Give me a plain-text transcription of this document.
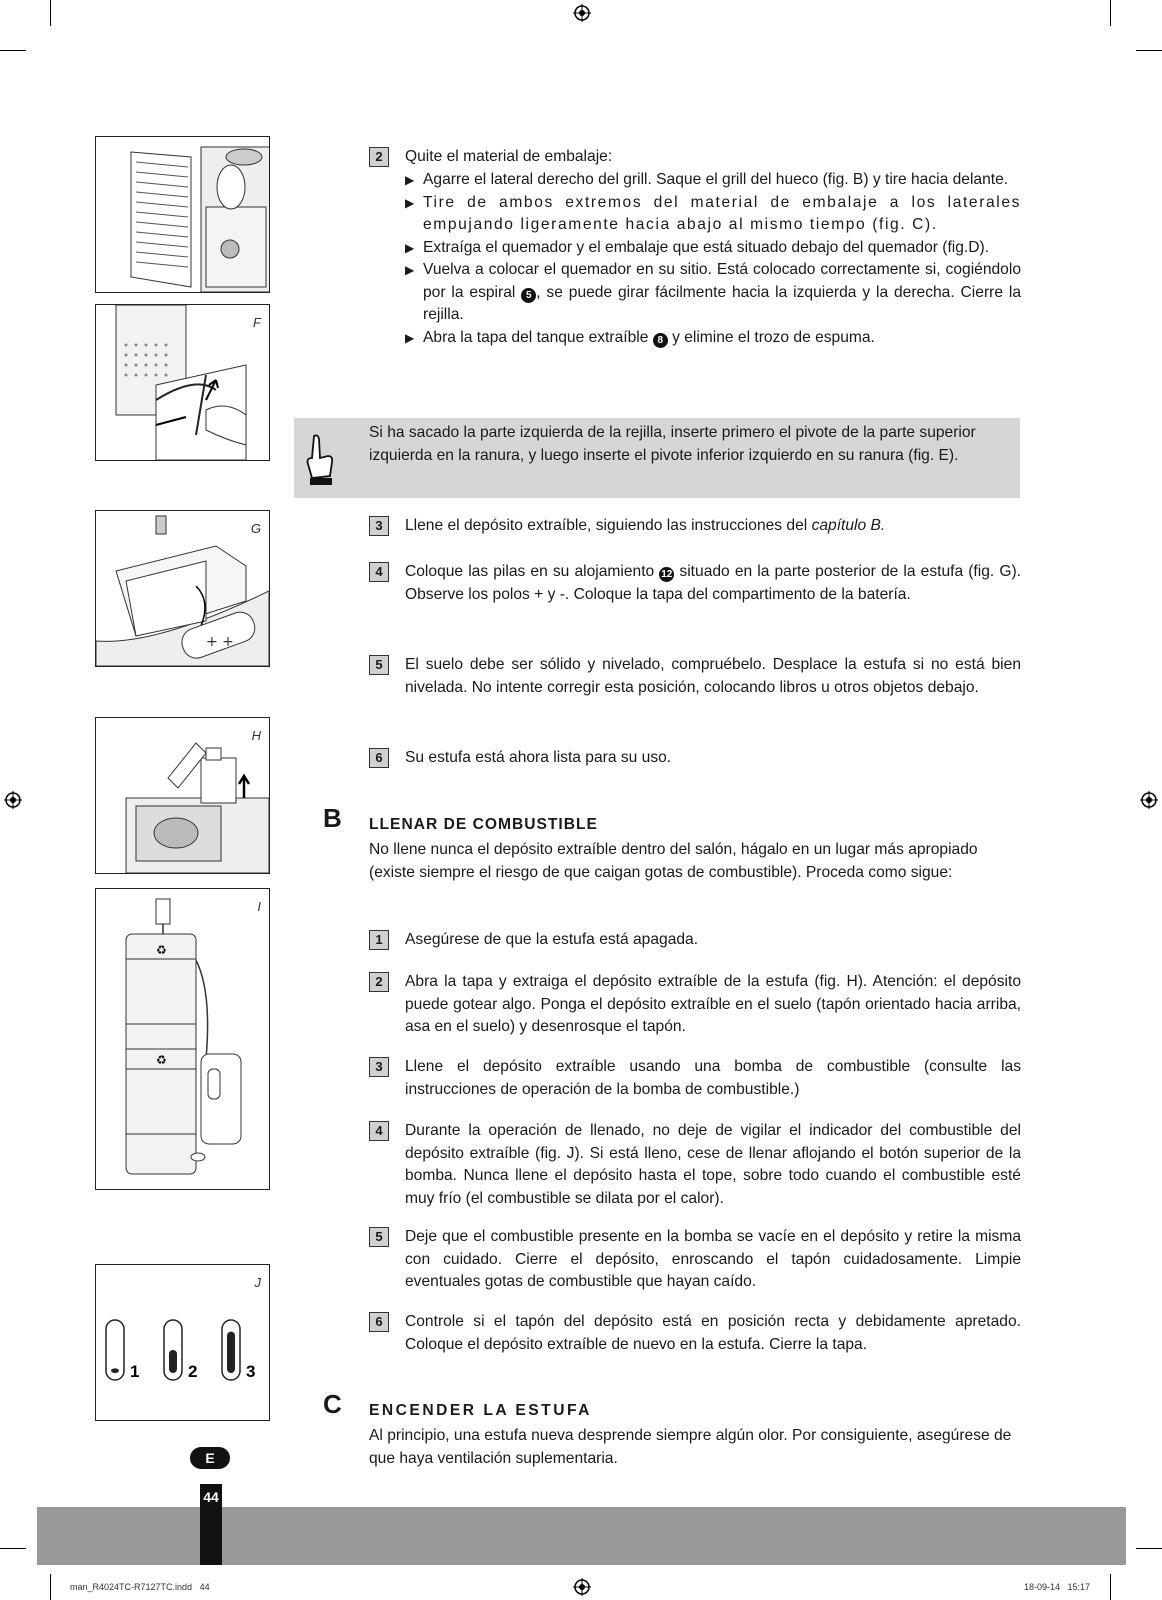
F
+ +
G
H
♻
♻
I
1	2	3
J
E
44
man_R4024TC-R7127TC.indd   44	18-09-14   15:17
2	Quite el material de embalaje:
▶ Agarre el lateral derecho del grill. Saque el grill del hueco (fig. B) y tire hacia delante.
▶ Tire de ambos extremos del material de embalaje a los laterales empujando ligeramente hacia abajo al mismo tiempo (fig. C).
▶ Extraíga el quemador y el embalaje que está situado debajo del quemador (fig.D).
▶ Vuelva a colocar el quemador en su sitio. Está colocado correctamente si, cogiéndolo por la espiral 5 , se puede girar fácilmente hacia la izquierda y la derecha. Cierre la rejilla.
▶ Abra la tapa del tanque extraíble 8 y elimine el trozo de espuma.
Si ha sacado la parte izquierda de la rejilla, inserte primero el pivote de la parte superior izquierda en la ranura, y luego inserte el pivote inferior izquierdo en su ranura (fig. E).
3	Llene el depósito extraíble, siguiendo las instrucciones del capítulo B.
4	Coloque las pilas en su alojamiento 12 situado en la parte posterior de la estufa (fig. G). Observe los polos + y -. Coloque la tapa del compartimento de la batería.
5	El suelo debe ser sólido y nivelado, compruébelo. Desplace la estufa si no está bien nivelada. No intente corregir esta posición, colocando libros u otros objetos debajo.
6	Su estufa está ahora lista para su uso.
B LLENAR DE COMBUSTIBLE
No llene nunca el depósito extraíble dentro del salón, hágalo en un lugar más apropiado (existe siempre el riesgo de que caigan gotas de combustible). Proceda como sigue:
1	Asegúrese de que la estufa está apagada.
2	Abra la tapa y extraiga el depósito extraíble de la estufa (fig. H). Atención: el depósito puede gotear algo. Ponga el depósito extraíble en el suelo (tapón orientado hacia arriba, asa en el suelo) y desenrosque el tapón.
3	Llene el depósito extraíble usando una bomba de combustible (consulte las instrucciones de operación de la bomba de combustible.)
4	Durante la operación de llenado, no deje de vigilar el indicador del combustible del depósito extraíble (fig. J). Si está lleno, cese de llenar aflojando el botón superior de la bomba. Nunca llene el depósito hasta el tope, sobre todo cuando el combustible esté muy frío (el combustible se dilata por el calor).
5	Deje que el combustible presente en la bomba se vacíe en el depósito y retire la misma con cuidado. Cierre el depósito, enroscando el tapón cuidadosamente. Limpie eventuales gotas de combustible que hayan caído.
6	Controle si el tapón del depósito está en posición recta y debidamente apretado. Coloque el depósito extraíble de nuevo en la estufa. Cierre la tapa.
C ENCENDER LA ESTUFA
Al principio, una estufa nueva desprende siempre algún olor. Por consiguiente, asegúrese de que haya ventilación suplementaria.
